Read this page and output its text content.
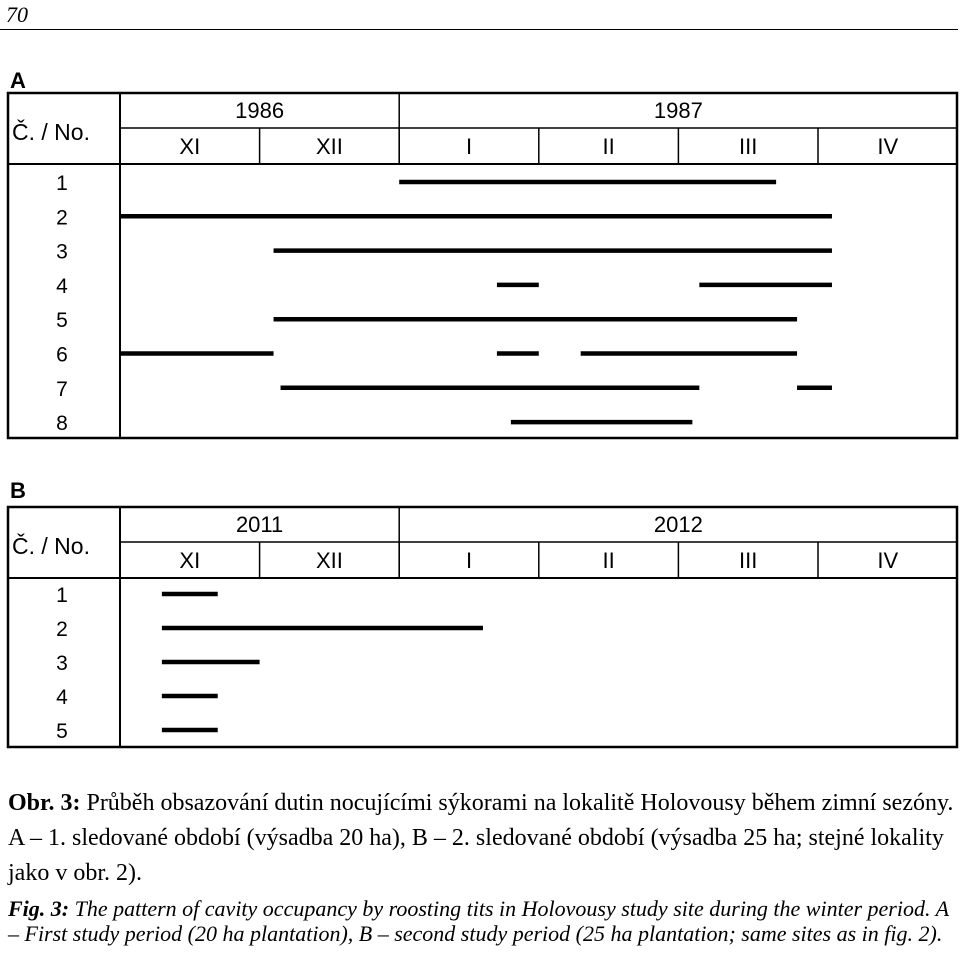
70
A
Č. / No.
1986	1987
XI	XII	I	II	III	IV
1
2
3
4
5
6
7
8
B
Č. / No.
2011	2012
XI	XII	I	II	III	IV
1
2
3
4
5
Obr. 3: Průběh obsazování dutin nocujícími sýkorami na lokalitě Holovousy během zimní sezóny. A – 1. sledované období (výsadba 20 ha), B – 2. sledované období (výsadba 25 ha; stejné lokality jako v obr. 2).
Fig. 3: The pattern of cavity occupancy by roosting tits in Holovousy study site during the winter period. A – First study period (20 ha plantation), B – second study period (25 ha plantation; same sites as in fig. 2).
